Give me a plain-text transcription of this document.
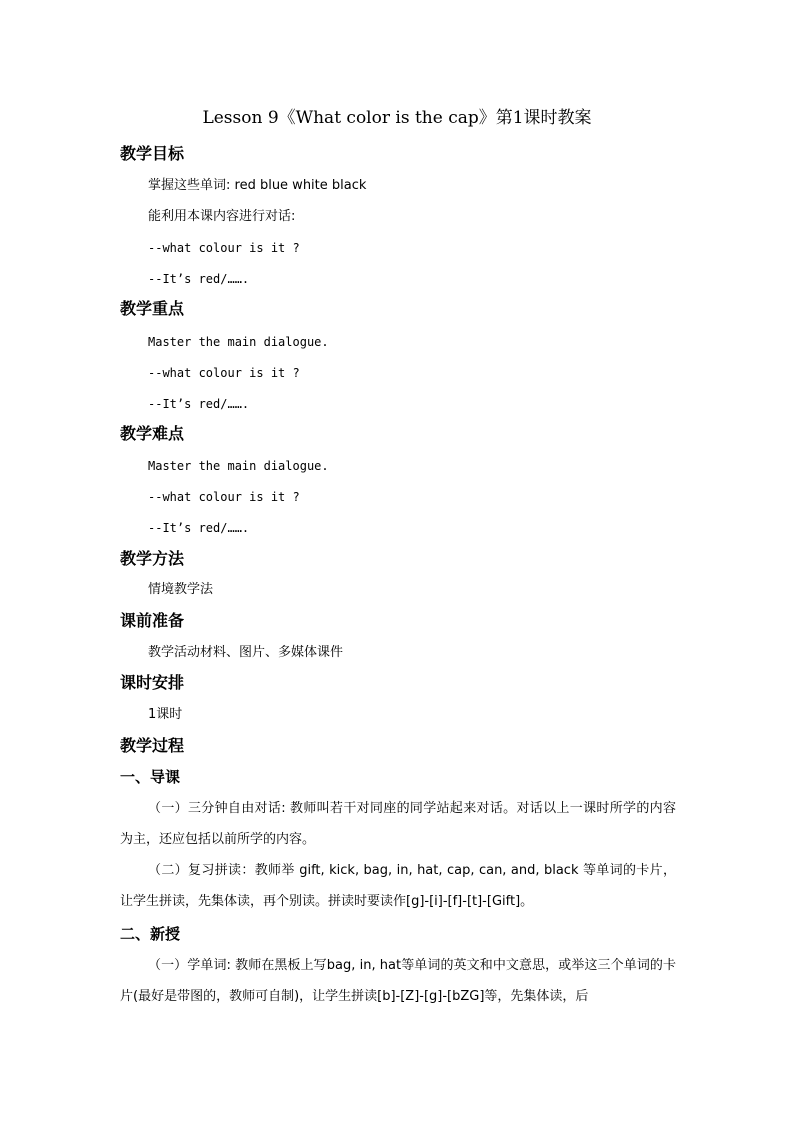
Lesson 9《What color is the cap》第1课时教案
教学目标
掌握这些单词: red blue white black
能利用本课内容进行对话:
--what colour is it ?
--It’s red/…….
教学重点
Master the main dialogue.
--what colour is it ?
--It’s red/…….
教学难点
Master the main dialogue.
--what colour is it ?
--It’s red/…….
教学方法
情境教学法
课前准备
教学活动材料、图片、多媒体课件
课时安排
1课时
教学过程
一、导课
（一）三分钟自由对话: 教师叫若干对同座的同学站起来对话。对话以上一课时所学的内容为主，还应包括以前所学的内容。
（二）复习拼读：教师举 gift, kick, bag, in, hat, cap, can, and, black 等单词的卡片，让学生拼读，先集体读，再个别读。拼读时要读作[g]-[i]-[f]-[t]-[Gift]。
二、新授
（一）学单词: 教师在黑板上写bag, in, hat等单词的英文和中文意思，或举这三个单词的卡片(最好是带图的，教师可自制)，让学生拼读[b]-[Z]-[g]-[bZG]等，先集体读，后
